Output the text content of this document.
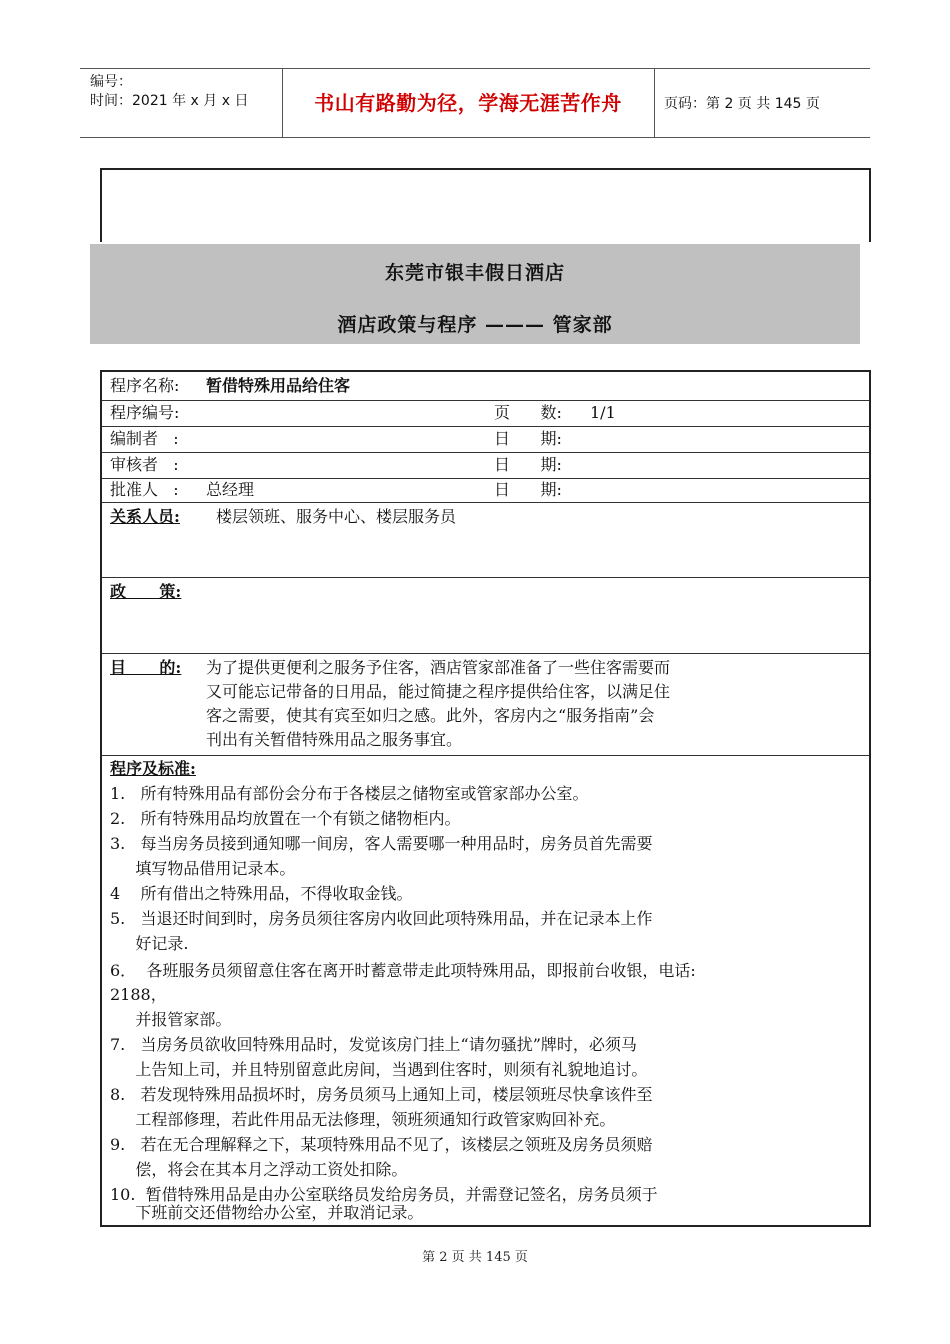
编号：
时间：2021 年 x 月 x 日	书山有路勤为径，学海无涯苦作舟	页码：第 2 页 共 145 页
东莞市银丰假日酒店
酒店政策与程序 ——— 管家部
程序名称: 暂借特殊用品给住客
程序编号:	页      数: 1/1
编制者   :	日      期:
审核者   :	日      期:
批准人   : 总经理	日      期:
关系人员: 楼层领班、服务中心、楼层服务员
政      策:
目      的: 为了提供更便利之服务予住客，酒店管家部准备了一些住客需要而
又可能忘记带备的日用品，能过简捷之程序提供给住客，以满足住
客之需要，使其有宾至如归之感。此外，客房内之“服务指南”会
刊出有关暂借特殊用品之服务事宜。
程序及标准:
1.   所有特殊用品有部份会分布于各楼层之储物室或管家部办公室。
2.   所有特殊用品均放置在一个有锁之储物柜内。
3.   每当房务员接到通知哪一间房，客人需要哪一种用品时，房务员首先需要
填写物品借用记录本。
4    所有借出之特殊用品，不得收取金钱。
5.   当退还时间到时，房务员须往客房内收回此项特殊用品，并在记录本上作
好记录.
6．  各班服务员须留意住客在离开时蓄意带走此项特殊用品，即报前台收银，电话:
2188，
并报管家部。
7.   当房务员欲收回特殊用品时，发觉该房门挂上“请勿骚扰”牌时，必须马
上告知上司，并且特别留意此房间，当遇到住客时，则须有礼貌地追讨。
8.   若发现特殊用品损坏时，房务员须马上通知上司，楼层领班尽快拿该件至
工程部修理，若此件用品无法修理，领班须通知行政管家购回补充。
9.   若在无合理解释之下，某项特殊用品不见了，该楼层之领班及房务员须赔
偿，将会在其本月之浮动工资处扣除。
10.  暂借特殊用品是由办公室联络员发给房务员，并需登记签名，房务员须于
下班前交还借物给办公室，并取消记录。
第 2 页 共 145 页
